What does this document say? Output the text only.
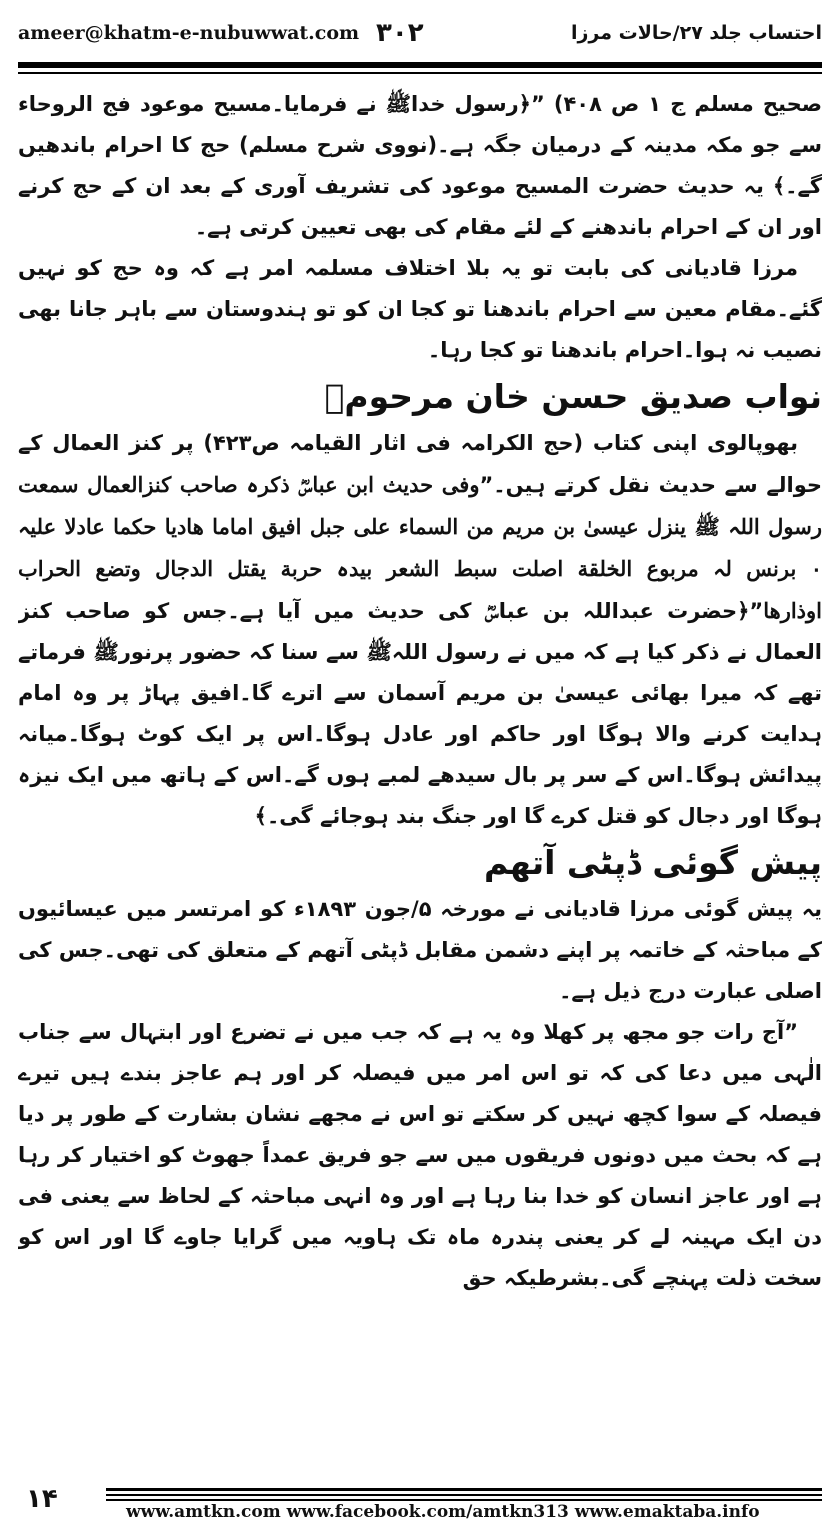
ameer@khatm-e-nubuwwat.com ۳۰۲	احتساب جلد ۲۷/حالات مرزا

صحیح مسلم ج ۱ ص ۴۰۸) ”﴿رسول خداﷺ نے فرمایا۔مسیح موعود فج الروحاء سے جو مکہ مدینہ کے درمیان جگہ ہے۔(نووی شرح مسلم) حج کا احرام باندھیں گے۔﴾ یہ حدیث حضرت المسیح موعود کی تشریف آوری کے بعد ان کے حج کرنے اور ان کے احرام باندھنے کے لئے مقام کی بھی تعیین کرتی ہے۔

مرزا قادیانی کی بابت تو یہ بلا اختلاف مسلمہ امر ہے کہ وہ حج کو نہیں گئے۔مقام معین سے احرام باندھنا تو کجا ان کو تو ہندوستان سے باہر جانا بھی نصیب نہ ہوا۔احرام باندھنا تو کجا رہا۔

نواب صدیق حسن خان مرحومؒ

بھوپالوی اپنی کتاب (حج الکرامہ فی اثار القیامہ ص۴۲۳) پر کنز العمال کے حوالے سے حدیث نقل کرتے ہیں۔”وفی حدیث ابن عباسؓ ذکرہ صاحب کنزالعمال سمعت رسول اللہ ﷺ ینزل عیسیٰ بن مریم من السماء علی جبل افیق اماما ھادیا حکما عادلا علیہ ۰ برنس لہ مربوع الخلقة اصلت سبط الشعر بیدہ حربة یقتل الدجال وتضع الحراب اوذارھا”﴿حضرت عبداللہ بن عباسؓ کی حدیث میں آیا ہے۔جس کو صاحب کنز العمال نے ذکر کیا ہے کہ میں نے رسول اللہﷺ سے سنا کہ حضور پرنورﷺ فرماتے تھے کہ میرا بھائی عیسیٰ بن مریم آسمان سے اترے گا۔افیق پہاڑ پر وہ امام ہدایت کرنے والا ہوگا اور حاکم اور عادل ہوگا۔اس پر ایک کوٹ ہوگا۔میانہ پیدائش ہوگا۔اس کے سر پر بال سیدھے لمبے ہوں گے۔اس کے ہاتھ میں ایک نیزہ ہوگا اور دجال کو قتل کرے گا اور جنگ بند ہوجائے گی۔﴾

پیش گوئی ڈپٹی آتھم

یہ پیش گوئی مرزا قادیانی نے مورخہ ۵/جون ۱۸۹۳ء کو امرتسر میں عیسائیوں کے مباحثہ کے خاتمہ پر اپنے دشمن مقابل ڈپٹی آتھم کے متعلق کی تھی۔جس کی اصلی عبارت درج ذیل ہے۔

”آج رات جو مجھ پر کھلا وہ یہ ہے کہ جب میں نے تضرع اور ابتہال سے جناب الٰہی میں دعا کی کہ تو اس امر میں فیصلہ کر اور ہم عاجز بندے ہیں تیرے فیصلہ کے سوا کچھ نہیں کر سکتے تو اس نے مجھے نشان بشارت کے طور پر دیا ہے کہ بحث میں دونوں فریقوں میں سے جو فریق عمداً جھوٹ کو اختیار کر رہا ہے اور عاجز انسان کو خدا بنا رہا ہے اور وہ انہی مباحثہ کے لحاظ سے یعنی فی دن ایک مہینہ لے کر یعنی پندرہ ماہ تک ہاویہ میں گرایا جاوے گا اور اس کو سخت ذلت پہنچے گی۔بشرطیکہ حق

۱۴	www.amtkn.com www.facebook.com/amtkn313 www.emaktaba.info
